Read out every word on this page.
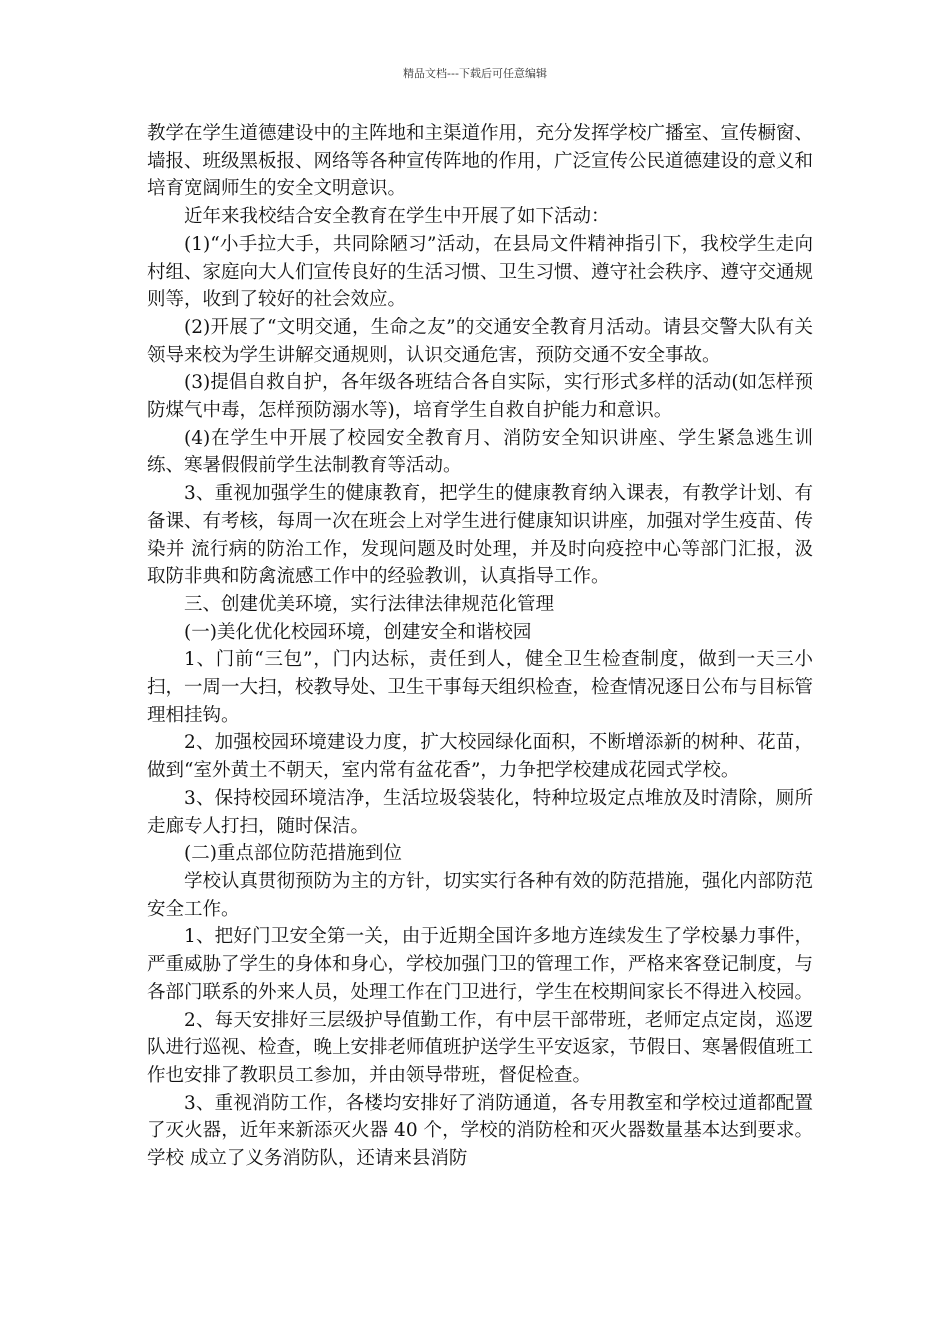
精品文档---下载后可任意编辑

教学在学生道德建设中的主阵地和主渠道作用，充分发挥学校广播室、宣传橱窗、墙报、班级黑板报、网络等各种宣传阵地的作用，广泛宣传公民道德建设的意义和培育宽阔师生的安全文明意识。

近年来我校结合安全教育在学生中开展了如下活动：

(1)“小手拉大手，共同除陋习”活动，在县局文件精神指引下，我校学生走向村组、家庭向大人们宣传良好的生活习惯、卫生习惯、遵守社会秩序、遵守交通规则等，收到了较好的社会效应。

(2)开展了“文明交通，生命之友”的交通安全教育月活动。请县交警大队有关领导来校为学生讲解交通规则，认识交通危害，预防交通不安全事故。

(3)提倡自救自护，各年级各班结合各自实际，实行形式多样的活动(如怎样预防煤气中毒，怎样预防溺水等)，培育学生自救自护能力和意识。

(4)在学生中开展了校园安全教育月、消防安全知识讲座、学生紧急逃生训练、寒暑假假前学生法制教育等活动。

3、重视加强学生的健康教育，把学生的健康教育纳入课表，有教学计划、有备课、有考核，每周一次在班会上对学生进行健康知识讲座，加强对学生疫苗、传染并 流行病的防治工作，发现问题及时处理，并及时向疫控中心等部门汇报，汲取防非典和防禽流感工作中的经验教训，认真指导工作。

三、创建优美环境，实行法律法律规范化管理

(一)美化优化校园环境，创建安全和谐校园

1、门前“三包”，门内达标，责任到人，健全卫生检查制度，做到一天三小扫，一周一大扫，校教导处、卫生干事每天组织检查，检查情况逐日公布与目标管理相挂钩。

2、加强校园环境建设力度，扩大校园绿化面积，不断增添新的树种、花苗，做到“室外黄土不朝天，室内常有盆花香”，力争把学校建成花园式学校。

3、保持校园环境洁净，生活垃圾袋装化，特种垃圾定点堆放及时清除，厕所走廊专人打扫，随时保洁。

(二)重点部位防范措施到位

学校认真贯彻预防为主的方针，切实实行各种有效的防范措施，强化内部防范安全工作。

1、把好门卫安全第一关，由于近期全国许多地方连续发生了学校暴力事件，严重威胁了学生的身体和身心，学校加强门卫的管理工作，严格来客登记制度，与各部门联系的外来人员，处理工作在门卫进行，学生在校期间家长不得进入校园。

2、每天安排好三层级护导值勤工作，有中层干部带班，老师定点定岗，巡逻队进行巡视、检查，晚上安排老师值班护送学生平安返家，节假日、寒暑假值班工作也安排了教职员工参加，并由领导带班，督促检查。

3、重视消防工作，各楼均安排好了消防通道，各专用教室和学校过道都配置了灭火器，近年来新添灭火器 40 个，学校的消防栓和灭火器数量基本达到要求。学校 成立了义务消防队，还请来县消防
